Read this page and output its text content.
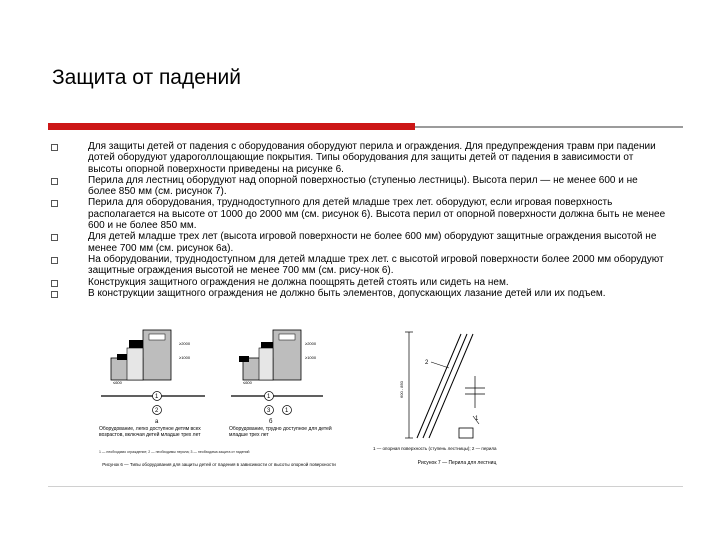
Защита от падений
Для защиты детей от падения с оборудования оборудуют перила и ограждения. Для предупреждения травм при падении дотей оборудуют удароголлощающие покрытия. Типы оборудования для защиты детей от падения в зависимости от высоты опорной поверхности приведены на рисунке 6.
Перила для лестниц оборудуют над опорной поверхностью (ступенью лестницы). Высота перил — не менее 600 и не более 850 мм (см. рисунок 7).
Перила для оборудования, труднодоступного для детей младше трех лет. оборудуют, если игровая поверхность располагается на высоте от 1000 до 2000 мм (см. рисунок 6). Высота перил от опорной поверхности должна быть не менее 600 и не более 850 мм.
Для детей младше трех лет (высота игровой поверхности не более 600 мм) оборудуют защитные ограждения высотой не менее 700 мм (см. рисунок 6а).
На оборудовании, труднодоступном для детей младше трех лет. с высотой игровой поверхности более 2000 мм оборудуют защитные ограждения высотой не менее 700 мм (см. рису-нок 6).
Конструкция защитного ограждения не должна поощрять детей стоять или сидеть на нем.
В конструкции защитного ограждения не должно быть элементов, допускающих лазание детей или их подъем.
≥2000
≥1000
≤600
1
2
а
≥2000
≥1000
≤600
1
3 1
б
Оборудование, легко доступное детям всех возрастов, включая детей младше трех лет
Оборудование, трудно доступное для детей младше трех лет
1 — необходимо ограждение; 2 — необходимы перила; 3 — необходима защита от падений
Рисунок 6 — Типы оборудования для защиты детей от падения в зависимости от высоты опорной поверхности
600 - 850
2
1
1 — опорная поверхность (ступень лестницы); 2 — перила
Рисунок 7 — Перила для лестниц
